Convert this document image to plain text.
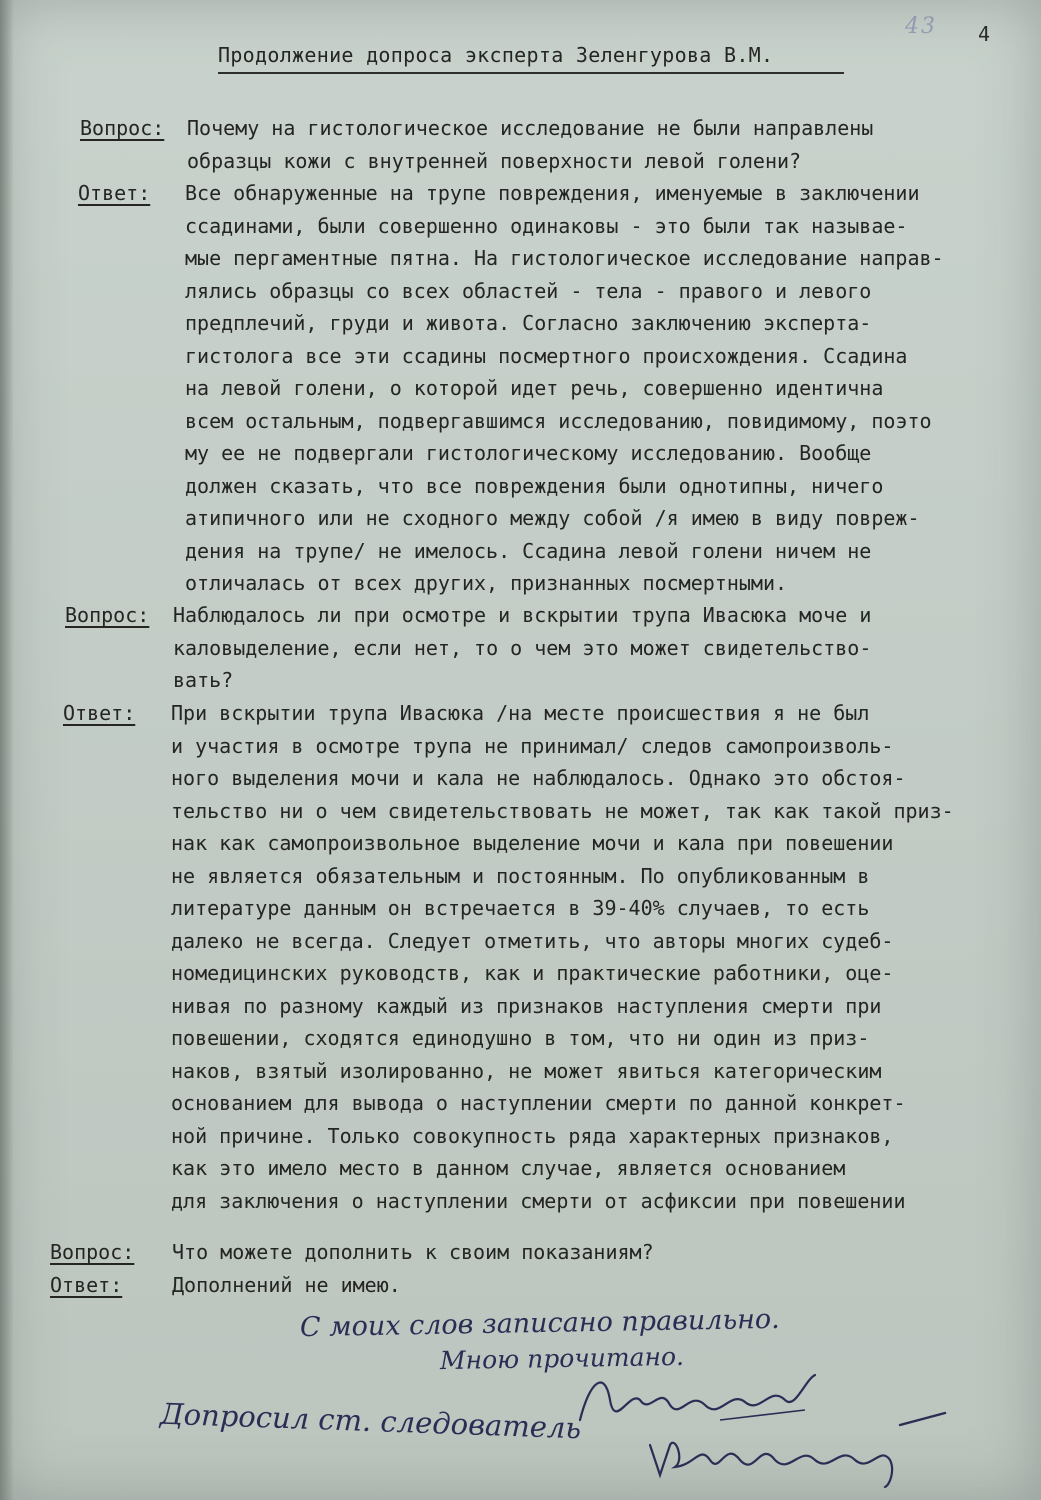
43 4
Продолжение допроса эксперта Зеленгурова В.М.
Вопрос: Почему на гистологическое исследование не были направлены
образцы кожи с внутренней поверхности левой голени?
Ответ: Все обнаруженные на трупе повреждения, именуемые в заключении
ссадинами, были совершенно одинаковы - это были так называе-
мые пергаментные пятна. На гистологическое исследование направ-
лялись образцы со всех областей - тела - правого и левого
предплечий, груди и живота. Согласно заключению эксперта-
гистолога все эти ссадины посмертного происхождения. Ссадина
на левой голени, о которой идет речь, совершенно идентична
всем остальным, подвергавшимся исследованию, повидимому, поэто
му ее не подвергали гистологическому исследованию. Вообще
должен сказать, что все повреждения были однотипны, ничего
атипичного или не сходного между собой /я имею в виду повреж-
дения на трупе/ не имелось. Ссадина левой голени ничем не
отличалась от всех других, признанных посмертными.
Вопрос: Наблюдалось ли при осмотре и вскрытии трупа Ивасюка моче и
каловыделение, если нет, то о чем это может свидетельство-
вать?
Ответ: При вскрытии трупа Ивасюка /на месте происшествия я не был
и участия в осмотре трупа не принимал/ следов самопроизволь-
ного выделения мочи и кала не наблюдалось. Однако это обстоя-
тельство ни о чем свидетельствовать не может, так как такой приз-
нак как самопроизвольное выделение мочи и кала при повешении
не является обязательным и постоянным. По опубликованным в
литературе данным он встречается в 39-40% случаев, то есть
далеко не всегда. Следует отметить, что авторы многих судеб-
номедицинских руководств, как и практические работники, оце-
нивая по разному каждый из признаков наступления смерти при
повешении, сходятся единодушно в том, что ни один из приз-
наков, взятый изолированно, не может явиться категорическим
основанием для вывода о наступлении смерти по данной конкрет-
ной причине. Только совокупность ряда характерных признаков,
как это имело место в данном случае, является основанием
для заключения о наступлении смерти от асфиксии при повешении
Вопрос: Что можете дополнить к своим показаниям?
Ответ: Дополнений не имею.
С моих слов записано правильно.
Мною прочитано.
Допросил ст. следователь
